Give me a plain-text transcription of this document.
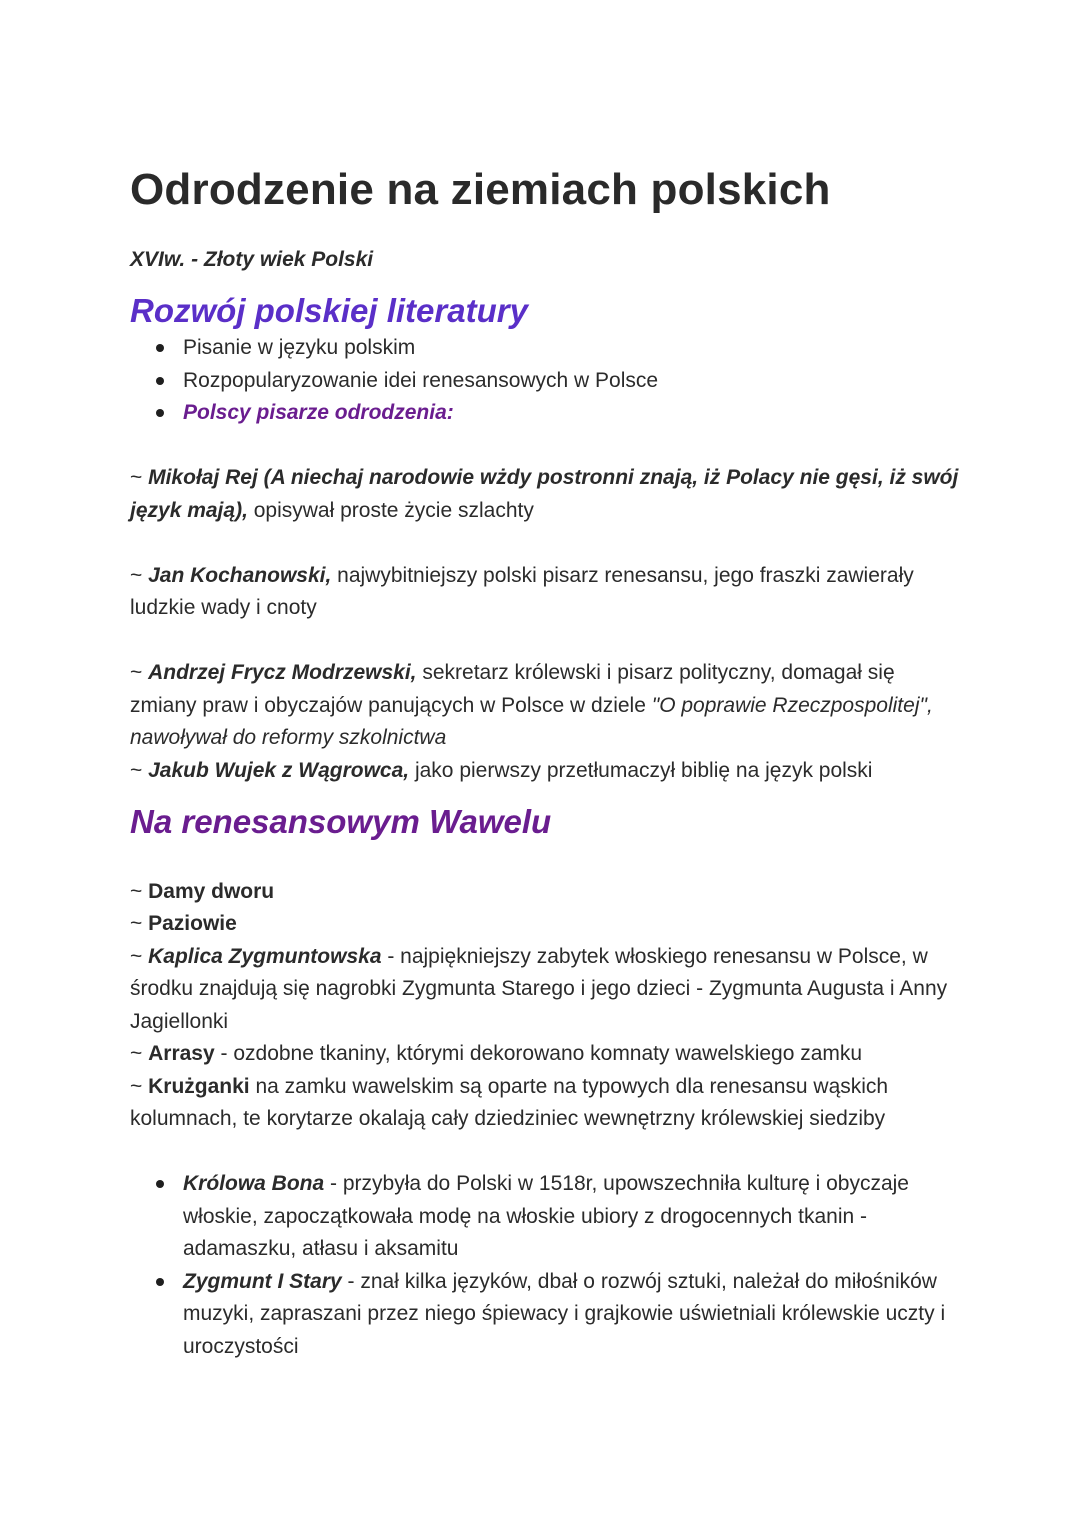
Odrodzenie na ziemiach polskich
XVIw. - Złoty wiek Polski
Rozwój polskiej literatury
Pisanie w języku polskim
Rozpopularyzowanie idei renesansowych w Polsce
Polscy pisarze odrodzenia:

~ Mikołaj Rej (A niechaj narodowie wżdy postronni znają, iż Polacy nie gęsi, iż swój język mają), opisywał proste życie szlachty

~ Jan Kochanowski, najwybitniejszy polski pisarz renesansu, jego fraszki zawierały ludzkie wady i cnoty

~ Andrzej Frycz Modrzewski, sekretarz królewski i pisarz polityczny, domagał się zmiany praw i obyczajów panujących w Polsce w dziele "O poprawie Rzeczpospolitej", nawoływał do reformy szkolnictwa

~ Jakub Wujek z Wągrowca, jako pierwszy przetłumaczył biblię na język polski

Na renesansowym Wawelu

~ Damy dworu

~ Paziowie

~ Kaplica Zygmuntowska - najpiękniejszy zabytek włoskiego renesansu w Polsce, w środku znajdują się nagrobki Zygmunta Starego i jego dzieci - Zygmunta Augusta i Anny Jagiellonki

~ Arrasy - ozdobne tkaniny, którymi dekorowano komnaty wawelskiego zamku

~ Krużganki na zamku wawelskim są oparte na typowych dla renesansu wąskich kolumnach, te korytarze okalają cały dziedziniec wewnętrzny królewskiej siedziby

Królowa Bona - przybyła do Polski w 1518r, upowszechniła kulturę i obyczaje włoskie, zapoczątkowała modę na włoskie ubiory z drogocennych tkanin - adamaszku, atłasu i aksamitu
Zygmunt I Stary - znał kilka języków, dbał o rozwój sztuki, należał do miłośników muzyki, zapraszani przez niego śpiewacy i grajkowie uświetniali królewskie uczty i uroczystości
